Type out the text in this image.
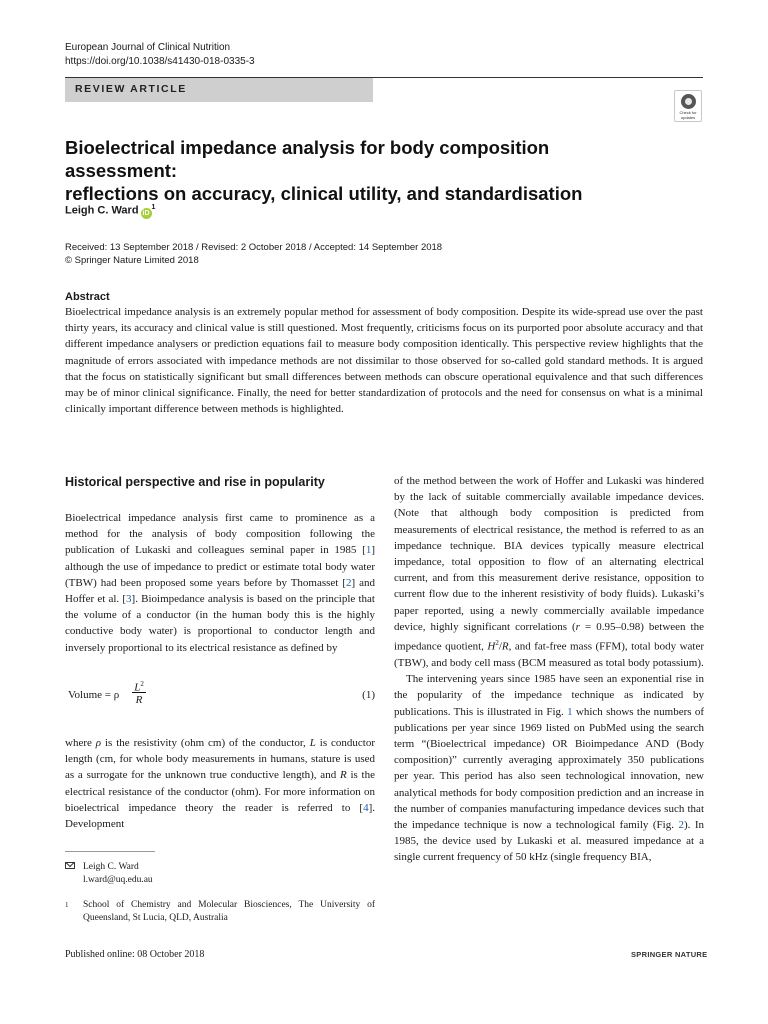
European Journal of Clinical Nutrition
https://doi.org/10.1038/s41430-018-0335-3
REVIEW ARTICLE
Check for updates
Bioelectrical impedance analysis for body composition assessment:
reflections on accuracy, clinical utility, and standardisation
Leigh C. Ward $iD^1$
Received: 13 September 2018 / Revised: 2 October 2018 / Accepted: 14 September 2018
© Springer Nature Limited 2018
Abstract

Bioelectrical impedance analysis is an extremely popular method for assessment of body composition. Despite its wide-spread use over the past thirty years, its accuracy and clinical value is still questioned. Most frequently, criticisms focus on its purported poor absolute accuracy and that different impedance analysers or prediction equations fail to measure body composition identically. This perspective review highlights that the magnitude of errors associated with impedance methods are not dissimilar to those observed for so-called gold standard methods. It is argued that the focus on statistically significant but small differences between methods can obscure operational equivalence and that such differences may be of minor clinical significance. Finally, the need for better standardization of protocols and the need for consensus on what is a minimal clinically important difference between methods is highlighted.

Historical perspective and rise in popularity
Bioelectrical impedance analysis first came to prominence as a method for the analysis of body composition following the publication of Lukaski and colleagues seminal paper in 1985 [1] although the use of impedance to predict or estimate total body water (TBW) had been proposed some years before by Thomasset [2] and Hoffer et al. [3]. Bioimpedance analysis is based on the principle that the volume of a conductor (in the human body this is the highly conductive body water) is proportional to conductor length and inversely proportional to its electrical resistance as defined by
Volume = ρ
$L^2$
R	(1)
where ρ is the resistivity (ohm cm) of the conductor, L is conductor length (cm, for whole body measurements in humans, stature is used as a surrogate for the unknown true conductive length), and R is the electrical resistance of the conductor (ohm). For more information on bioelectrical impedance theory the reader is referred to [4]. Development

of the method between the work of Hoffer and Lukaski was hindered by the lack of suitable commercially available impedance devices. (Note that although body composition is predicted from measurements of electrical resistance, the method is referred to as an impedance technique. BIA devices typically measure electrical impedance, total opposition to flow of an alternating electrical current, and from this measurement derive resistance, opposition to current flow due to the inherent resistivity of body fluids). Lukaski’s paper reported, using a newly commercially available impedance device, highly significant correlations (r = 0.95–0.98) between the impedance quotient, $H^2/R$, and fat-free mass (FFM), total body water (TBW), and body cell mass (BCM measured as total body potassium).

The intervening years since 1985 have seen an exponential rise in the popularity of the impedance technique as indicated by publications. This is illustrated in Fig. 1 which shows the numbers of publications per year since 1969 listed on PubMed using the search term “(Bioelectrical impedance) OR Bioimpedance AND (Body composition)” currently averaging approximately 350 publications per year. This period has also seen technological innovation, new analytical methods for body composition prediction and an increase in the number of companies manufacturing impedance devices such that the impedance technique is now a technological family (Fig. 2). In 1985, the device used by Lukaski et al. measured impedance at a single current frequency of 50 kHz (single frequency BIA,

Leigh C. Ward
l.ward@uq.edu.au
1 School of Chemistry and Molecular Biosciences, The University of Queensland, St Lucia, QLD, Australia
Published online: 08 October 2018	SPRINGER NATURE
